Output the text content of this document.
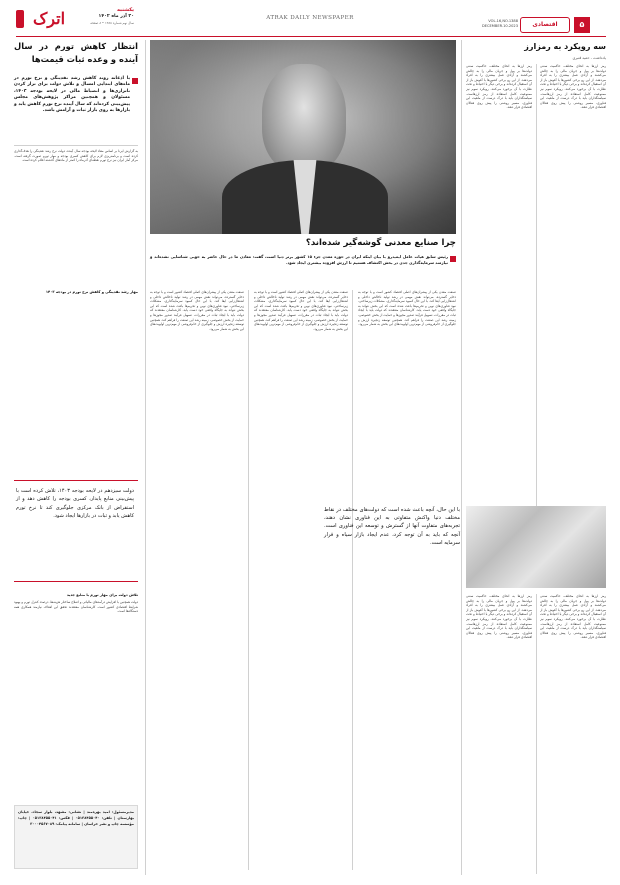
اترک	یکشنبه
۲۰ آذر ماه ۱۴۰۲
سال نهم شماره ۱۳۸۸ • ۸ صفحه
ATRAK DAILY NEWSPAPER	VOL.16,NO.1388
DECEMBER.10.2023	اقتصادی	۵
انتظار کاهش تورم در سال آینده و وعده ثبات قیمت‌ها
با اذعانه روند کاهش رشد نقدینگی و نرخ تورم در ماه‌های ابتدایی امسال و تلاش دولت برای تراز کردن ناترازی‌ها و انضباط مالی در لایحه بودجه ۱۴۰۳، مسئولان و همچنین مراکز پژوهش‌های مجلس پیش‌بینی کرده‌اند که سال آینده نرخ تورم کاهش یابد و بازارها به روی بازار ثبات و آرامش باشد.
به گزارش ایرنا بر اساس مفاد لایحه بودجه سال آینده، دولت نرخ رشد نقدینگی را هدف‌گذاری کرده است و برنامه‌ریزی لازم برای کاهش کسری بودجه و مهار تورم صورت گرفته است. مرکز آمار ایران نیز نرخ تورم نقطه‌ای آذرماه را کمتر از ماه‌های گذشته اعلام کرده است.
مهار رشد نقدینگی و کاهش نرخ تورم در بودجه ۱۴۰۳
دولت سیزدهم در لایحه بودجه ۱۴۰۳، تلاش کرده است با پیش‌بینی منابع پایدار، کسری بودجه را کاهش دهد و از استقراض از بانک مرکزی جلوگیری کند تا نرخ تورم کاهش یابد و ثبات در بازارها ایجاد شود.
تلاش دولت برای مهار تورم با منابع جدید
دولت همچنین با افزایش درآمدهای مالیاتی و اصلاح ساختار هزینه‌ها، درصدد کنترل تورم و بهبود شرایط اقتصادی کشور است. کارشناسان معتقدند تحقق این اهداف نیازمند همکاری همه دستگاه‌ها است.
مدیرمسئول: امید بهره‌مند | نشانی: مشهد، بلوار سجاد، خیابان بهارستان | تلفن: ۰۵۱۳۸۴۵۵۰۴۰ | فکس: ۰۵۱۳۸۴۵۵۰۴۱ | چاپ: مؤسسه چاپ و نشر خراسان | سامانه پیامک: ۳۰۰۰۴۵۶۷۰۸۹
چرا صنایع معدنی گوشه‌گیر شده‌اند؟
رئیس سابق هیات عامل ایمیدرو با بیان اینکه ایران در حوزه معدن جزء ۱۵ کشور برتر دنیا است، گفت: معادن ما در حال حاضر به خوبی شناسایی نشده‌اند و نیازمند سرمایه‌گذاری جدی در بخش اکتشاف هستیم تا ارزش افزوده بیشتری ایجاد شود.
صنعت معدن یکی از پیشران‌های اصلی اقتصاد کشور است و با توجه به ذخایر گسترده، می‌تواند نقش مهمی در رشد تولید ناخالص داخلی و اشتغال‌زایی ایفا کند. با این حال کمبود سرمایه‌گذاری، مشکلات زیرساختی، نبود فناوری‌های نوین و تحریم‌ها باعث شده است که این بخش نتواند به جایگاه واقعی خود دست یابد. کارشناسان معتقدند که دولت باید با ایجاد ثبات در مقررات، تسهیل فرآیند صدور مجوزها و حمایت از بخش خصوصی، زمینه رشد این صنعت را فراهم کند. همچنین توسعه زنجیره ارزش و جلوگیری از خام‌فروشی از مهم‌ترین اولویت‌های این بخش به شمار می‌رود.
صنعت معدن یکی از پیشران‌های اصلی اقتصاد کشور است و با توجه به ذخایر گسترده، می‌تواند نقش مهمی در رشد تولید ناخالص داخلی و اشتغال‌زایی ایفا کند. با این حال کمبود سرمایه‌گذاری، مشکلات زیرساختی، نبود فناوری‌های نوین و تحریم‌ها باعث شده است که این بخش نتواند به جایگاه واقعی خود دست یابد. کارشناسان معتقدند که دولت باید با ایجاد ثبات در مقررات، تسهیل فرآیند صدور مجوزها و حمایت از بخش خصوصی، زمینه رشد این صنعت را فراهم کند. همچنین توسعه زنجیره ارزش و جلوگیری از خام‌فروشی از مهم‌ترین اولویت‌های این بخش به شمار می‌رود.
صنعت معدن یکی از پیشران‌های اصلی اقتصاد کشور است و با توجه به ذخایر گسترده، می‌تواند نقش مهمی در رشد تولید ناخالص داخلی و اشتغال‌زایی ایفا کند. با این حال کمبود سرمایه‌گذاری، مشکلات زیرساختی، نبود فناوری‌های نوین و تحریم‌ها باعث شده است که این بخش نتواند به جایگاه واقعی خود دست یابد. کارشناسان معتقدند که دولت باید با ایجاد ثبات در مقررات، تسهیل فرآیند صدور مجوزها و حمایت از بخش خصوصی، زمینه رشد این صنعت را فراهم کند. همچنین توسعه زنجیره ارزش و جلوگیری از خام‌فروشی از مهم‌ترین اولویت‌های این بخش به شمار می‌رود.
سه رویکرد به رمزارز
یادداشت - حمید قنبری
رمز ارزها به انحای مختلف، حاکمیت سنتی دولت‌ها بر پول و جریان مالی را به چالش می‌کشند و آزادی عمل بیشتری را به افراد می‌دهند. از این رو برخی کشورها با آغوش باز از آن استقبال کرده‌اند و برخی دیگر با احتیاط و تحت نظارت با آن برخورد می‌کنند. رویکرد سوم نیز ممنوعیت کامل استفاده از رمز ارزهاست. سیاستگذاران باید با درک درست از ماهیت این فناوری، مسیر روشنی را پیش روی فعالان اقتصادی قرار دهند.
رمز ارزها به انحای مختلف، حاکمیت سنتی دولت‌ها بر پول و جریان مالی را به چالش می‌کشند و آزادی عمل بیشتری را به افراد می‌دهند. از این رو برخی کشورها با آغوش باز از آن استقبال کرده‌اند و برخی دیگر با احتیاط و تحت نظارت با آن برخورد می‌کنند. رویکرد سوم نیز ممنوعیت کامل استفاده از رمز ارزهاست. سیاستگذاران باید با درک درست از ماهیت این فناوری، مسیر روشنی را پیش روی فعالان اقتصادی قرار دهند.
با این حال، آنچه باعث شده است که دولت‌های مختلف در نقاط مختلف دنیا واکنش متفاوتی به این فناوری نشان دهند، تجربه‌های متفاوت آنها از گسترش و توسعه این فناوری است. آنچه که باید به آن توجه کرد، عدم ایجاد بازار سیاه و فرار سرمایه است.
رمز ارزها به انحای مختلف، حاکمیت سنتی دولت‌ها بر پول و جریان مالی را به چالش می‌کشند و آزادی عمل بیشتری را به افراد می‌دهند. از این رو برخی کشورها با آغوش باز از آن استقبال کرده‌اند و برخی دیگر با احتیاط و تحت نظارت با آن برخورد می‌کنند. رویکرد سوم نیز ممنوعیت کامل استفاده از رمز ارزهاست. سیاستگذاران باید با درک درست از ماهیت این فناوری، مسیر روشنی را پیش روی فعالان اقتصادی قرار دهند.
رمز ارزها به انحای مختلف، حاکمیت سنتی دولت‌ها بر پول و جریان مالی را به چالش می‌کشند و آزادی عمل بیشتری را به افراد می‌دهند. از این رو برخی کشورها با آغوش باز از آن استقبال کرده‌اند و برخی دیگر با احتیاط و تحت نظارت با آن برخورد می‌کنند. رویکرد سوم نیز ممنوعیت کامل استفاده از رمز ارزهاست. سیاستگذاران باید با درک درست از ماهیت این فناوری، مسیر روشنی را پیش روی فعالان اقتصادی قرار دهند.
